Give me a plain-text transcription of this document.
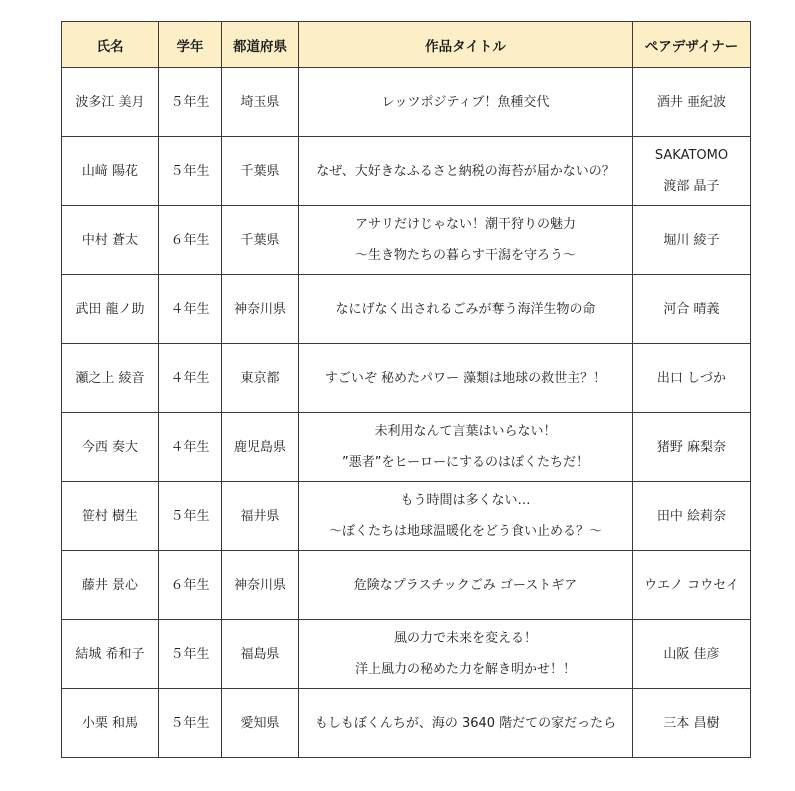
氏名	学年	都道府県	作品タイトル	ペアデザイナー
波多江 美月	５年生	埼玉県	レッツポジティブ！魚種交代	酒井 亜紀波

山﨑 陽花	５年生	千葉県	なぜ、大好きなふるさと納税の海苔が届かないの？	SAKATOMO
渡部 晶子

中村 蒼太	６年生	千葉県	アサリだけじゃない！潮干狩りの魅力
～生き物たちの暮らす干潟を守ろう～	堀川 綾子

武田 龍ノ助	４年生	神奈川県	なにげなく出されるごみが奪う海洋生物の命	河合 晴義

瀬之上 綾音	４年生	東京都	すごいぞ 秘めたパワー 藻類は地球の救世主？！	出口 しづか

今西 奏大	４年生	鹿児島県	未利用なんて言葉はいらない！
”悪者”をヒーローにするのはぼくたちだ！	猪野 麻梨奈

笹村 樹生	５年生	福井県	もう時間は多くない…
～ぼくたちは地球温暖化をどう食い止める？～	田中 絵莉奈

藤井 景心	６年生	神奈川県	危険なプラスチックごみ ゴーストギア	ウエノ コウセイ

結城 希和子	５年生	福島県	風の力で未来を変える！
洋上風力の秘めた力を解き明かせ！！	山阪 佳彦

小栗 和馬	５年生	愛知県	もしもぼくんちが、海の 3640 階だての家だったら	三本 昌樹
